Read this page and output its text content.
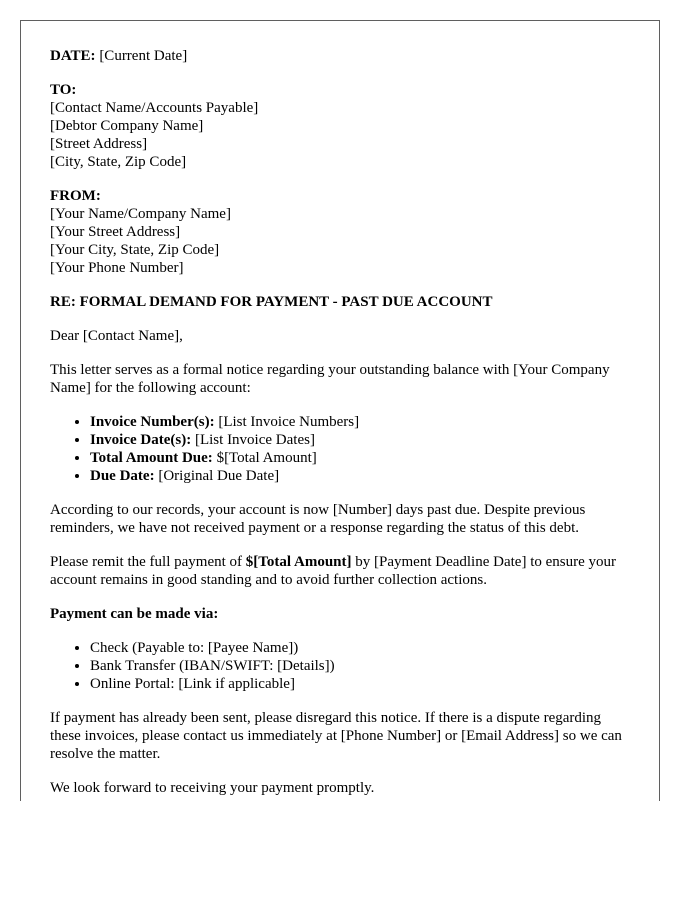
DATE: [Current Date]

TO:
[Contact Name/Accounts Payable]
[Debtor Company Name]
[Street Address]
[City, State, Zip Code]
FROM:
[Your Name/Company Name]
[Your Street Address]
[Your City, State, Zip Code]
[Your Phone Number]

RE: FORMAL DEMAND FOR PAYMENT - PAST DUE ACCOUNT

Dear [Contact Name],

This letter serves as a formal notice regarding your outstanding balance with [Your Company Name] for the following account:

• Invoice Number(s): [List Invoice Numbers]
• Invoice Date(s): [List Invoice Dates]
• Total Amount Due: $[Total Amount]
• Due Date: [Original Due Date]

According to our records, your account is now [Number] days past due. Despite previous reminders, we have not received payment or a response regarding the status of this debt.

Please remit the full payment of $[Total Amount] by [Payment Deadline Date] to ensure your account remains in good standing and to avoid further collection actions.

Payment can be made via:

• Check (Payable to: [Payee Name])
• Bank Transfer (IBAN/SWIFT: [Details])
• Online Portal: [Link if applicable]

If payment has already been sent, please disregard this notice. If there is a dispute regarding these invoices, please contact us immediately at [Phone Number] or [Email Address] so we can resolve the matter.

We look forward to receiving your payment promptly.
